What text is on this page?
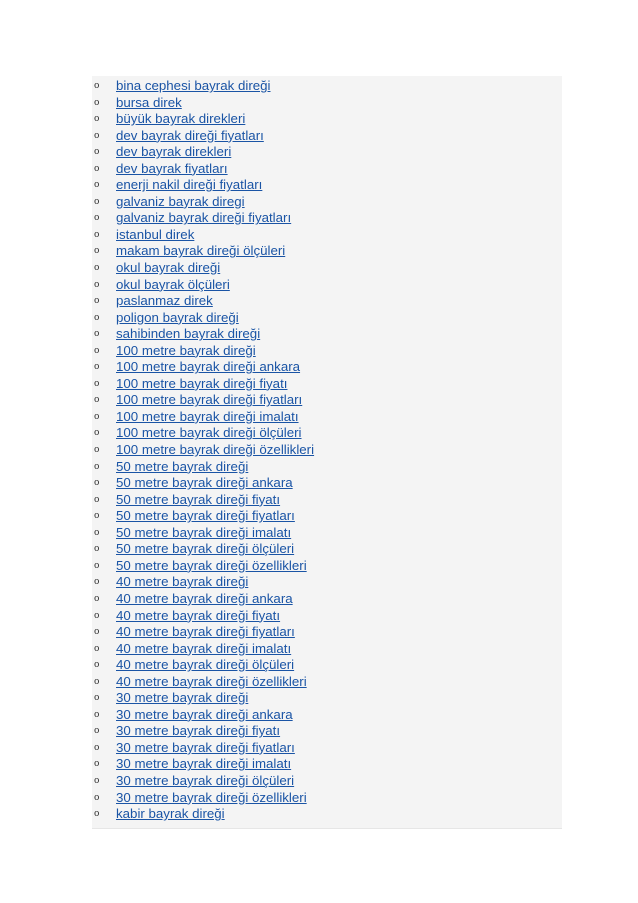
o bina cephesi bayrak direği
o bursa direk
o büyük bayrak direkleri
o dev bayrak direği fiyatları
o dev bayrak direkleri
o dev bayrak fiyatları
o enerji nakil direği fiyatları
o galvaniz bayrak diregi
o galvaniz bayrak direği fiyatları
o istanbul direk
o makam bayrak direği ölçüleri
o okul bayrak direği
o okul bayrak ölçüleri
o paslanmaz direk
o poligon bayrak direği
o sahibinden bayrak direği
o 100 metre bayrak direği
o 100 metre bayrak direği ankara
o 100 metre bayrak direği fiyatı
o 100 metre bayrak direği fiyatları
o 100 metre bayrak direği imalatı
o 100 metre bayrak direği ölçüleri
o 100 metre bayrak direği özellikleri
o 50 metre bayrak direği
o 50 metre bayrak direği ankara
o 50 metre bayrak direği fiyatı
o 50 metre bayrak direği fiyatları
o 50 metre bayrak direği imalatı
o 50 metre bayrak direği ölçüleri
o 50 metre bayrak direği özellikleri
o 40 metre bayrak direği
o 40 metre bayrak direği ankara
o 40 metre bayrak direği fiyatı
o 40 metre bayrak direği fiyatları
o 40 metre bayrak direği imalatı
o 40 metre bayrak direği ölçüleri
o 40 metre bayrak direği özellikleri
o 30 metre bayrak direği
o 30 metre bayrak direği ankara
o 30 metre bayrak direği fiyatı
o 30 metre bayrak direği fiyatları
o 30 metre bayrak direği imalatı
o 30 metre bayrak direği ölçüleri
o 30 metre bayrak direği özellikleri
o kabir bayrak direği
